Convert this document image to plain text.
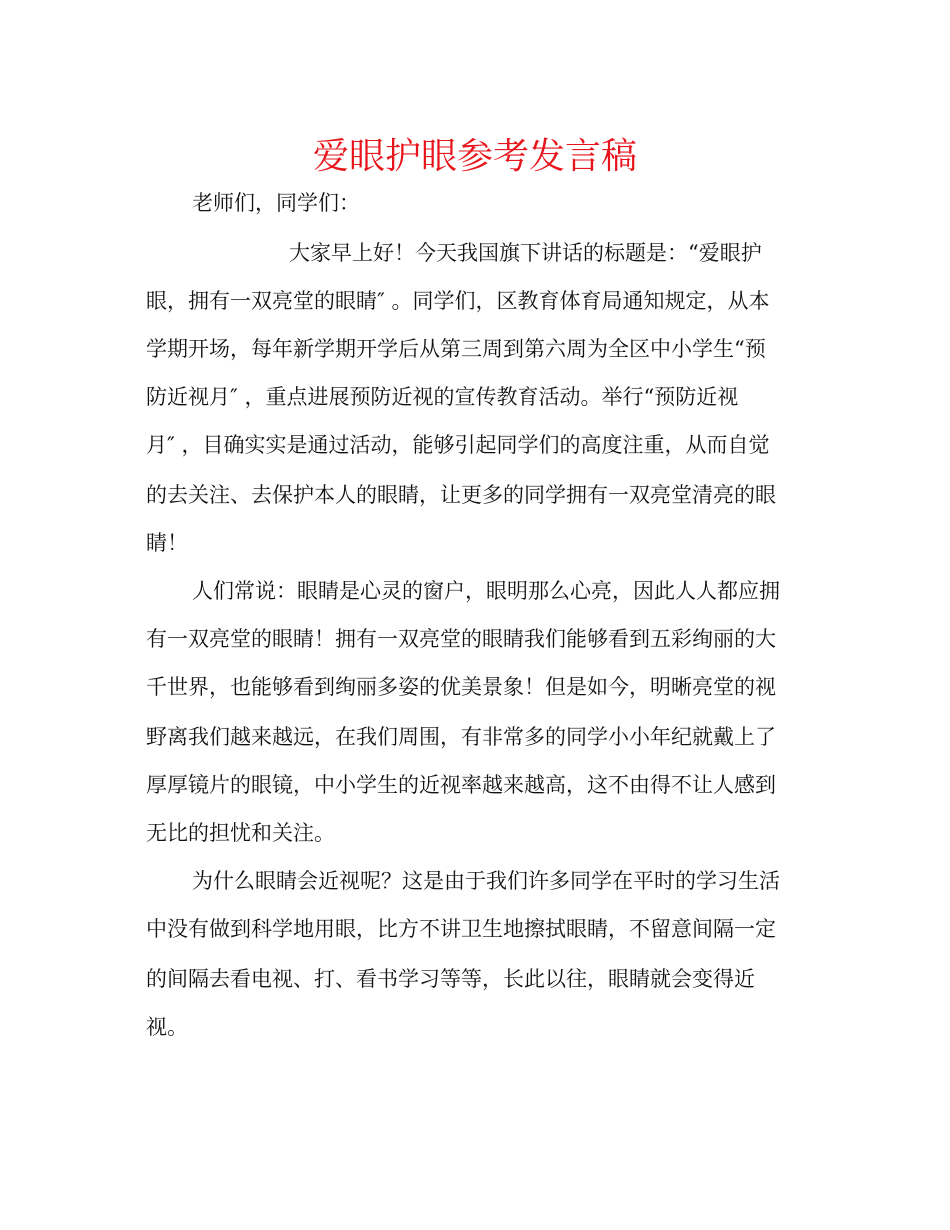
爱眼护眼参考发言稿
老师们，同学们：
大家早上好！今天我国旗下讲话的标题是：“爱眼护
眼，拥有一双亮堂的眼睛″ 。同学们，区教育体育局通知规定，从本
学期开场，每年新学期开学后从第三周到第六周为全区中小学生“预
防近视月″ ，重点进展预防近视的宣传教育活动。举行“预防近视
月″ ，目确实实是通过活动，能够引起同学们的高度注重，从而自觉
的去关注、去保护本人的眼睛，让更多的同学拥有一双亮堂清亮的眼
睛！
人们常说：眼睛是心灵的窗户，眼明那么心亮，因此人人都应拥
有一双亮堂的眼睛！拥有一双亮堂的眼睛我们能够看到五彩绚丽的大
千世界，也能够看到绚丽多姿的优美景象！但是如今，明晰亮堂的视
野离我们越来越远，在我们周围，有非常多的同学小小年纪就戴上了
厚厚镜片的眼镜，中小学生的近视率越来越高，这不由得不让人感到
无比的担忧和关注。
为什么眼睛会近视呢？这是由于我们许多同学在平时的学习生活
中没有做到科学地用眼，比方不讲卫生地擦拭眼睛，不留意间隔一定
的间隔去看电视、打、看书学习等等，长此以往，眼睛就会变得近
视。
